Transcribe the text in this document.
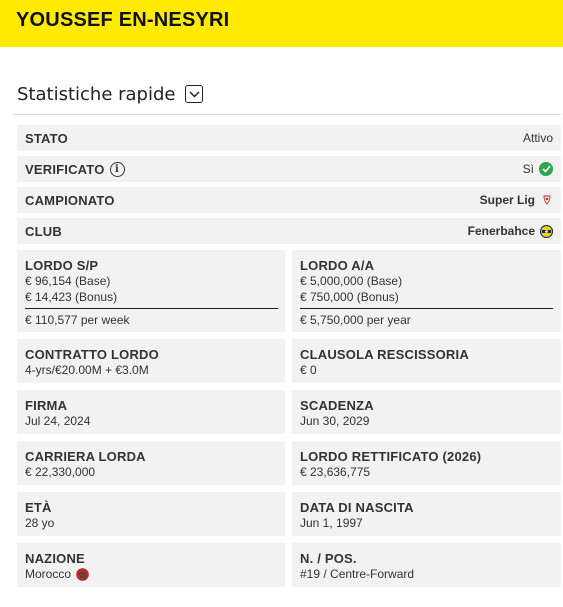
YOUSSEF EN-NESYRI
Statistiche rapide
STATO	Attivo
VERIFICATO	i	Sì
CAMPIONATO	Super Lig
CLUB	Fenerbahce
LORDO S/P
€ 96,154 (Base)
€ 14,423 (Bonus)
€ 110,577 per week
LORDO A/A
€ 5,000,000 (Base)
€ 750,000 (Bonus)
€ 5,750,000 per year
CONTRATTO LORDO
4-yrs/€20.00M + €3.0M
CLAUSOLA RESCISSORIA
€ 0
FIRMA
Jul 24, 2024
SCADENZA
Jun 30, 2029
CARRIERA LORDA
€ 22,330,000
LORDO RETTIFICATO (2026)
€ 23,636,775
ETÀ
28 yo
DATA DI NASCITA
Jun 1, 1997
NAZIONE
Morocco
N. / POS.
#19 / Centre-Forward
